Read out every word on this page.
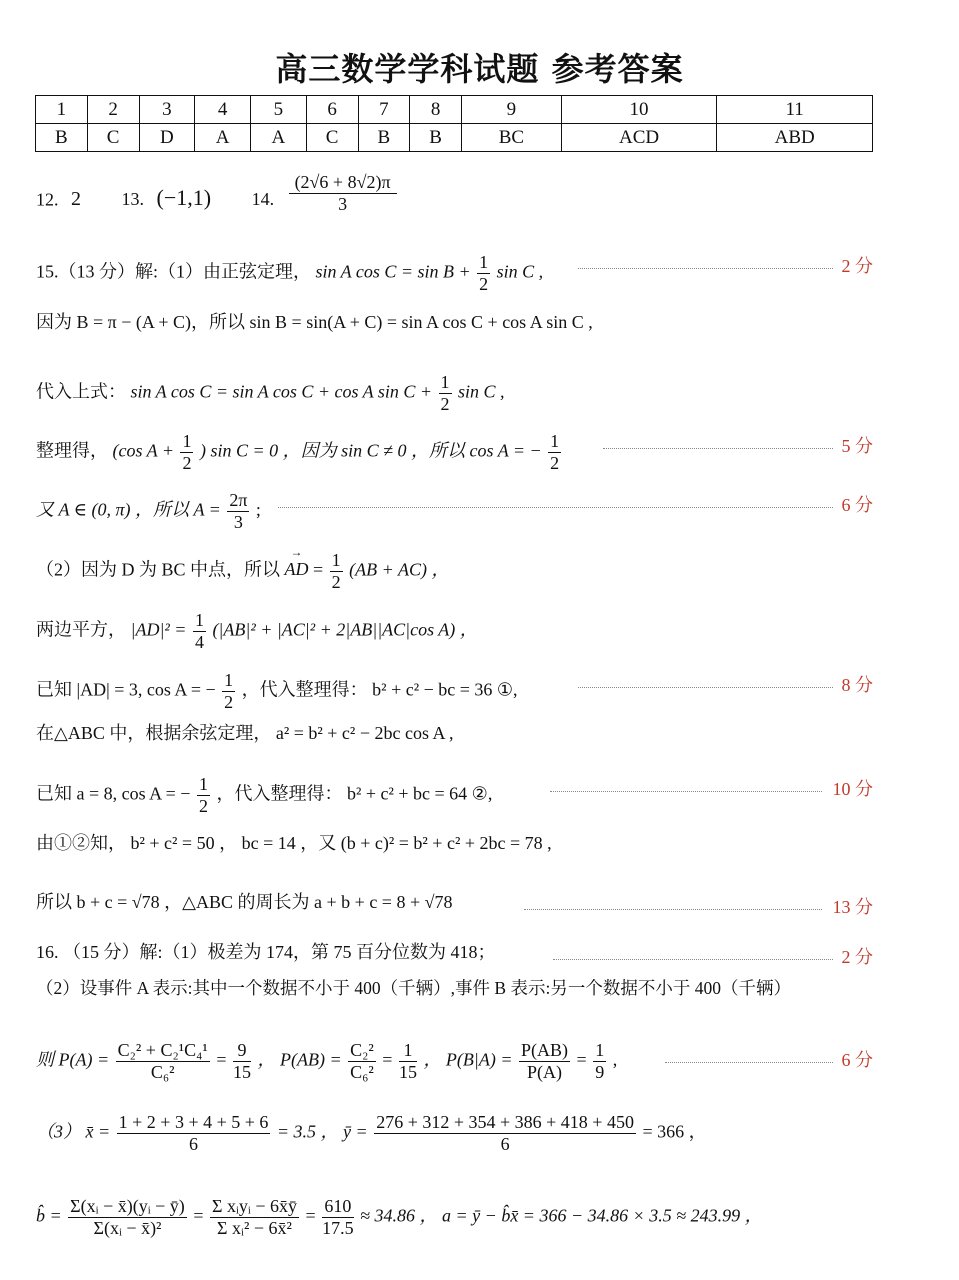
高三数学学科试题 参考答案
1	2	3	4	5	6	7	8	9	10	11
B	C	D	A	A	C	B	B	BC	ACD	ABD
12. 2 13. (−1,1) 14. $\frac{(2√6 + 8√2)\pi}{3}$
15.（13 分）解:（1）由正弦定理， sin A $\cos C = \sin B + \frac{1}{2}$ sin C ,	2 分
因为 B = π − (A + C)，所以 sin B = sin(A + C) = sin A cos C + cos A sin C ,
代入上式： sin A cos C = sin A cos C + cos A $\sin C + \frac{1}{2}$ sin C ,
整理得， (cos $A + \frac{1}{2}$ ) sin C = 0 ，因为 sin C ≠ 0 ，所以 cos A = − $\frac{1}{2}$	5 分
又 A ∈ (0, π) ，所以 $A = \frac{2\pi}{3}$ ;	6 分
（2）因为 D 为 BC 中点，所以 → AD = $\frac{1}{2} (AB + AC)$ ，
两边平方， $|AD|^2 = \frac{1}{4} (|AB|^2 + |AC|^2 + 2|AB||AC|\cos$ A) ，
已知 |AD| = 3, cos A = − $\frac{1}{2}$ ，代入整理得： b² + c² − bc = 36 ①,	8 分
在△ABC 中，根据余弦定理， a² = b² + c² − 2bc cos A ,
已知 a = 8, cos A = − $\frac{1}{2}$ ，代入整理得： b² + c² + bc = 64 ②,	10 分
由①②知， b² + c² = 50 ， bc = 14 ，又 (b + c)² = b² + c² + 2bc = 78 ,
所以 b + c = √78 ，△ABC 的周长为 a + b + c = 8 + √78	13 分
16. （15 分）解:（1）极差为 174，第 75 百分位数为 418；	2 分
（2）设事件 A 表示:其中一个数据不小于 400（千辆）,事件 B 表示:另一个数据不小于 400（千辆）
则 $P(A) = \frac{\text{C₂² + C₂¹C₄¹}}{\text{C₆²}} = \frac{9}{15}$ ， $P(AB) = \frac{\text{C₂²}}{\text{C₆²}} = \frac{1}{15}$ ， $P(B|A) = \frac{P(AB)}{P(A)} = \frac{1}{9}$ ,	6 分
（3） x̄ = $\frac{1 + 2 + 3 + 4 + 5 + 6}{6} = 3.5$ ， ȳ = $\frac{276 + 312 + 354 + 386 + 418 + 450}{6} = 366$ ，
b̂ = $\frac{\text{Σ(xᵢ − x̄)(yᵢ − ȳ)}}{\text{Σ(xᵢ − x̄)²}} = \frac{\text{Σ xᵢyᵢ − 6x̄ȳ}}{\text{Σ xᵢ² − 6x̄²}} = \frac{610}{17.5} \approx 34.86$ ， a = ȳ − b̂x̄ = 366 − 34.86 × 3.5 ≈ 243.99 ，
